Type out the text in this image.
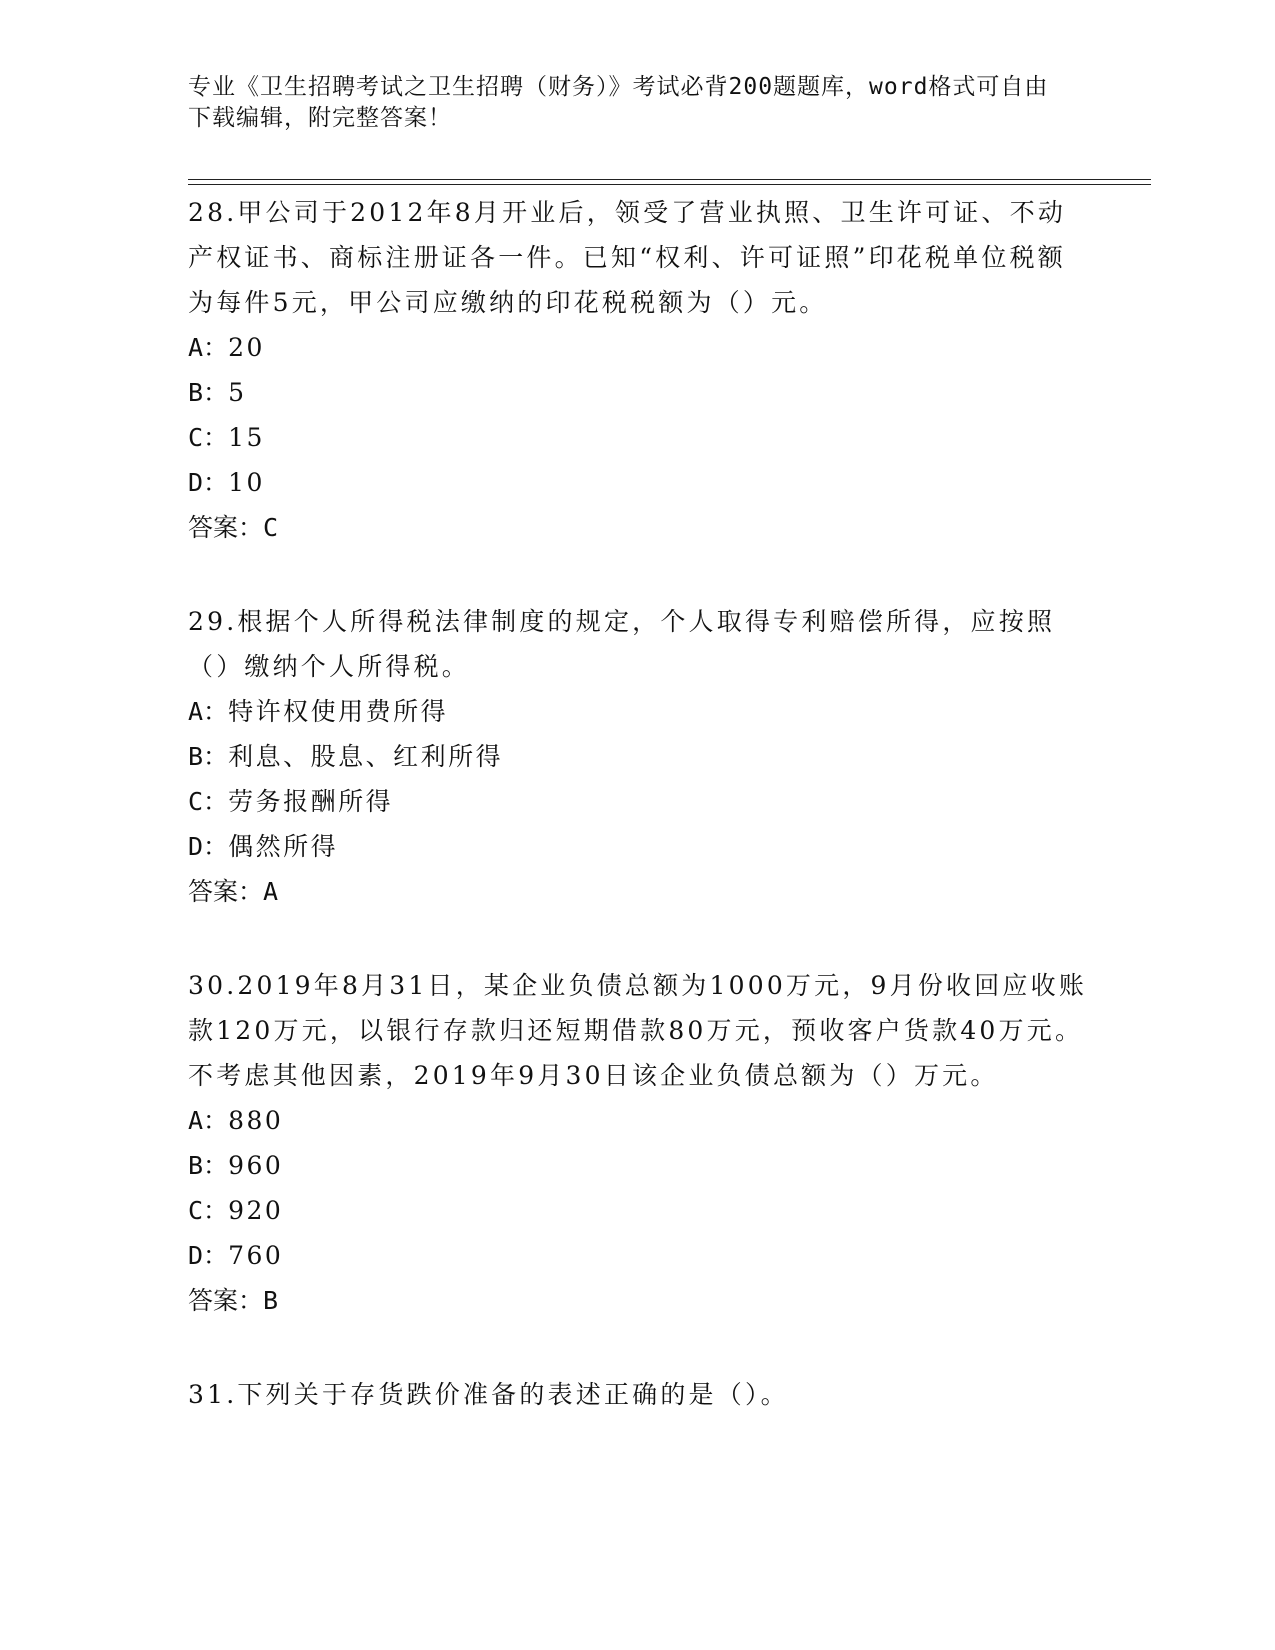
专业《卫生招聘考试之卫生招聘（财务）》考试必背200题题库，word格式可自由下载编辑，附完整答案！

28.甲公司于2012年8月开业后，领受了营业执照、卫生许可证、不动产权证书、商标注册证各一件。已知“权利、许可证照”印花税单位税额为每件5元，甲公司应缴纳的印花税税额为（）元。

A：20

B：5

C：15

D：10

答案：C

29.根据个人所得税法律制度的规定，个人取得专利赔偿所得，应按照（）缴纳个人所得税。

A：特许权使用费所得

B：利息、股息、红利所得

C：劳务报酬所得

D：偶然所得

答案：A

30.2019年8月31日，某企业负债总额为1000万元，9月份收回应收账款120万元，以银行存款归还短期借款80万元，预收客户货款40万元。不考虑其他因素，2019年9月30日该企业负债总额为（）万元。

A：880

B：960

C：920

D：760

答案：B

31.下列关于存货跌价准备的表述正确的是（）。
